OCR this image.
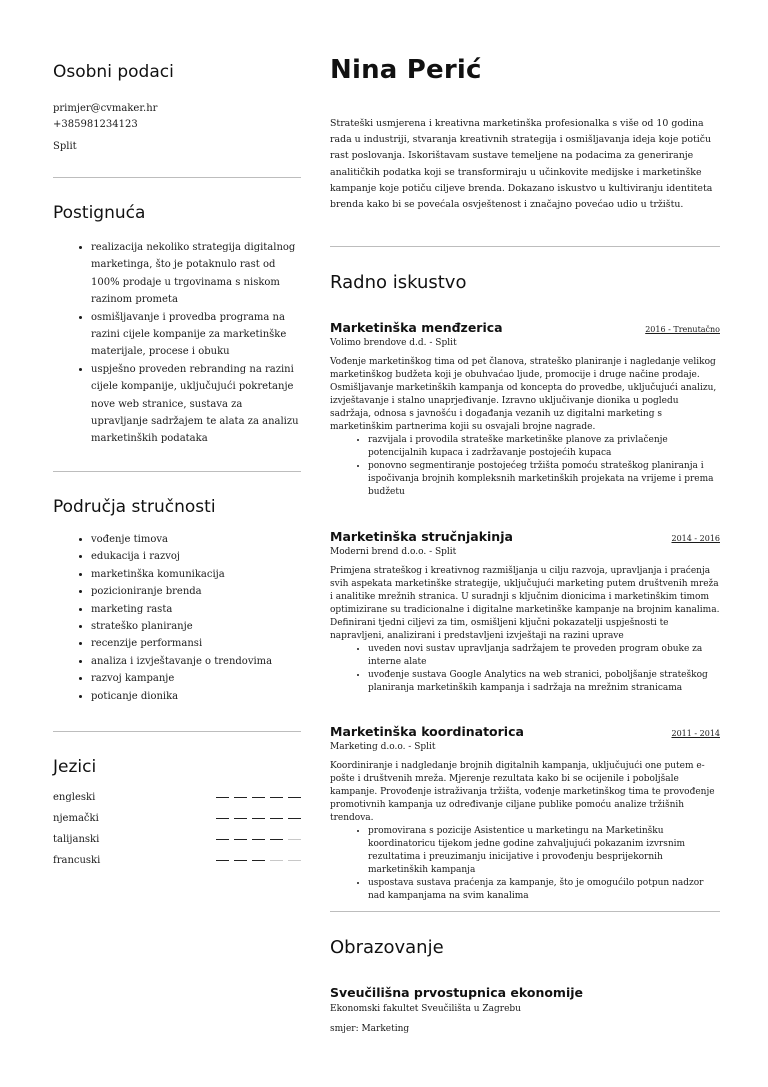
Osobni podaci
primjer@cvmaker.hr
+385981234123
Split
Postignuća
• realizacija nekoliko strategija digitalnog marketinga, što je potaknulo rast od 100% prodaje u trgovinama s niskom razinom prometa
• osmišljavanje i provedba programa na razini cijele kompanije za marketinške materijale, procese i obuku
• uspješno proveden rebranding na razini cijele kompanije, uključujući pokretanje nove web stranice, sustava za upravljanje sadržajem te alata za analizu marketinških podataka
Područja stručnosti
• vođenje timova
• edukacija i razvoj
• marketinška komunikacija
• pozicioniranje brenda
• marketing rasta
• strateško planiranje
• recenzije performansi
• analiza i izvještavanje o trendovima
• razvoj kampanje
• poticanje dionika
Jezici
engleski
njemački
talijanski
francuski
Nina Perić

Strateški usmjerena i kreativna marketinška profesionalka s više od 10 godina rada u industriji, stvaranja kreativnih strategija i osmišljavanja ideja koje potiču rast poslovanja. Iskorištavam sustave temeljene na podacima za generiranje analitičkih podatka koji se transformiraju u učinkovite medijske i marketinške kampanje koje potiču ciljeve brenda. Dokazano iskustvo u kultiviranju identiteta brenda kako bi se povećala osvještenost i značajno povećao udio u tržištu.

Radno iskustvo
Marketinška menđzerica	2016 - Trenutačno
Volimo brendove d.d. - Split
Vođenje marketinškog tima od pet članova, strateško planiranje i nagledanje velikog marketinškog budžeta koji je obuhvaćao ljude, promocije i druge načine prodaje. Osmišljavanje marketinških kampanja od koncepta do provedbe, uključujući analizu, izvještavanje i stalno unaprjeđivanje. Izravno uključivanje dionika u pogledu sadržaja, odnosa s javnošću i događanja vezanih uz digitalni marketing s marketinškim partnerima kojii su osvajali brojne nagrade.
• razvijala i provodila strateške marketinške planove za privlačenje potencijalnih kupaca i zadržavanje postojećih kupaca
• ponovno segmentiranje postojećeg tržišta pomoću strateškog planiranja i ispočivanja brojnih kompleksnih marketinških projekata na vrijeme i prema budžetu
Marketinška stručnjakinja	2014 - 2016
Moderni brend d.o.o. - Split
Primjena strateškog i kreativnog razmišljanja u cilju razvoja, upravljanja i praćenja svih aspekata marketinške strategije, uključujući marketing putem društvenih mreža i analitike mrežnih stranica. U suradnji s ključnim dionicima i marketinškim timom optimizirane su tradicionalne i digitalne marketinške kampanje na brojnim kanalima. Definirani tjedni ciljevi za tim, osmišljeni ključni pokazatelji uspješnosti te napravljeni, analizirani i predstavljeni izvještaji na razini uprave
• uveden novi sustav upravljanja sadržajem te proveden program obuke za interne alate
• uvođenje sustava Google Analytics na web stranici, poboljšanje strateškog planiranja marketinških kampanja i sadržaja na mrežnim stranicama
Marketinška koordinatorica	2011 - 2014
Marketing d.o.o. - Split
Koordiniranje i nadgledanje brojnih digitalnih kampanja, uključujući one putem e-pošte i društvenih mreža. Mjerenje rezultata kako bi se ocijenile i poboljšale kampanje. Provođenje istraživanja tržišta, vođenje marketinškog tima te provođenje promotivnih kampanja uz određivanje ciljane publike pomoću analize tržišnih trendova.
• promovirana s pozicije Asistentice u marketingu na Marketinšku koordinatoricu tijekom jedne godine zahvaljujući pokazanim izvrsnim rezultatima i preuzimanju inicijative i provođenju besprijekornih marketinških kampanja
• uspostava sustava praćenja za kampanje, što je omogućilo potpun nadzor nad kampanjama na svim kanalima
Obrazovanje
Sveučilišna prvostupnica ekonomije
Ekonomski fakultet Sveučilišta u Zagrebu
smjer: Marketing
